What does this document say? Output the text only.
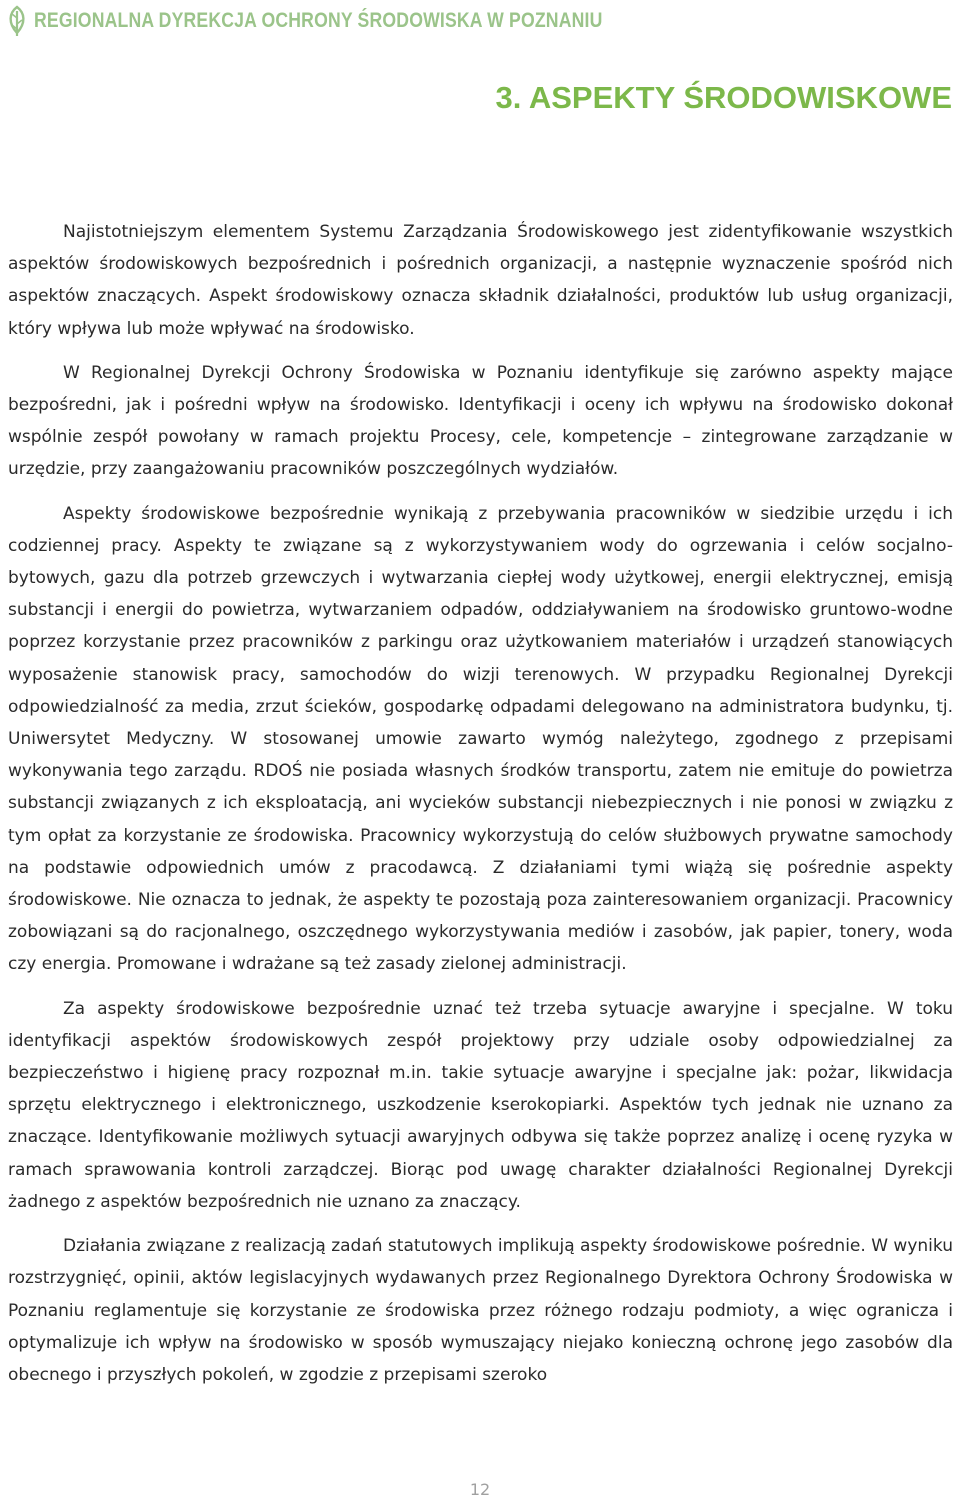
REGIONALNA DYREKCJA OCHRONY ŚRODOWISKA W POZNANIU
3. ASPEKTY ŚRODOWISKOWE

Najistotniejszym elementem Systemu Zarządzania Środowiskowego jest zidentyfikowanie wszystkich aspektów środowiskowych bezpośrednich i pośrednich organizacji, a następnie wyznaczenie spośród nich aspektów znaczących. Aspekt środowiskowy oznacza składnik działalności, produktów lub usług organizacji, który wpływa lub może wpływać na środowisko.

W Regionalnej Dyrekcji Ochrony Środowiska w Poznaniu identyfikuje się zarówno aspekty mające bezpośredni, jak i pośredni wpływ na środowisko. Identyfikacji i oceny ich wpływu na środowisko dokonał wspólnie zespół powołany w ramach projektu Procesy, cele, kompetencje – zintegrowane zarządzanie w urzędzie, przy zaangażowaniu pracowników poszczególnych wydziałów.

Aspekty środowiskowe bezpośrednie wynikają z przebywania pracowników w siedzibie urzędu i ich codziennej pracy. Aspekty te związane są z wykorzystywaniem wody do ogrzewania i celów socjalno-bytowych, gazu dla potrzeb grzewczych i wytwarzania ciepłej wody użytkowej, energii elektrycznej, emisją substancji i energii do powietrza, wytwarzaniem odpadów, oddziaływaniem na środowisko gruntowo-wodne poprzez korzystanie przez pracowników z parkingu oraz użytkowaniem materiałów i urządzeń stanowiących wyposażenie stanowisk pracy, samochodów do wizji terenowych. W przypadku Regionalnej Dyrekcji odpowiedzialność za media, zrzut ścieków, gospodarkę odpadami delegowano na administratora budynku, tj. Uniwersytet Medyczny. W stosowanej umowie zawarto wymóg należytego, zgodnego z przepisami wykonywania tego zarządu. RDOŚ nie posiada własnych środków transportu, zatem nie emituje do powietrza substancji związanych z ich eksploatacją, ani wycieków substancji niebezpiecznych i nie ponosi w związku z tym opłat za korzystanie ze środowiska. Pracownicy wykorzystują do celów służbowych prywatne samochody na podstawie odpowiednich umów z pracodawcą. Z działaniami tymi wiążą się pośrednie aspekty środowiskowe. Nie oznacza to jednak, że aspekty te pozostają poza zainteresowaniem organizacji. Pracownicy zobowiązani są do racjonalnego, oszczędnego wykorzystywania mediów i zasobów, jak papier, tonery, woda czy energia. Promowane i wdrażane są też zasady zielonej administracji.

Za aspekty środowiskowe bezpośrednie uznać też trzeba sytuacje awaryjne i specjalne. W toku identyfikacji aspektów środowiskowych zespół projektowy przy udziale osoby odpowiedzialnej za bezpieczeństwo i higienę pracy rozpoznał m.in. takie sytuacje awaryjne i specjalne jak: pożar, likwidacja sprzętu elektrycznego i elektronicznego, uszkodzenie kserokopiarki. Aspektów tych jednak nie uznano za znaczące. Identyfikowanie możliwych sytuacji awaryjnych odbywa się także poprzez analizę i ocenę ryzyka w ramach sprawowania kontroli zarządczej. Biorąc pod uwagę charakter działalności Regionalnej Dyrekcji żadnego z aspektów bezpośrednich nie uznano za znaczący.

Działania związane z realizacją zadań statutowych implikują aspekty środowiskowe pośrednie. W wyniku rozstrzygnięć, opinii, aktów legislacyjnych wydawanych przez Regionalnego Dyrektora Ochrony Środowiska w Poznaniu reglamentuje się korzystanie ze środowiska przez różnego rodzaju podmioty, a więc ogranicza i optymalizuje ich wpływ na środowisko w sposób wymuszający niejako konieczną ochronę jego zasobów dla obecnego i przyszłych pokoleń, w zgodzie z przepisami szeroko

12
